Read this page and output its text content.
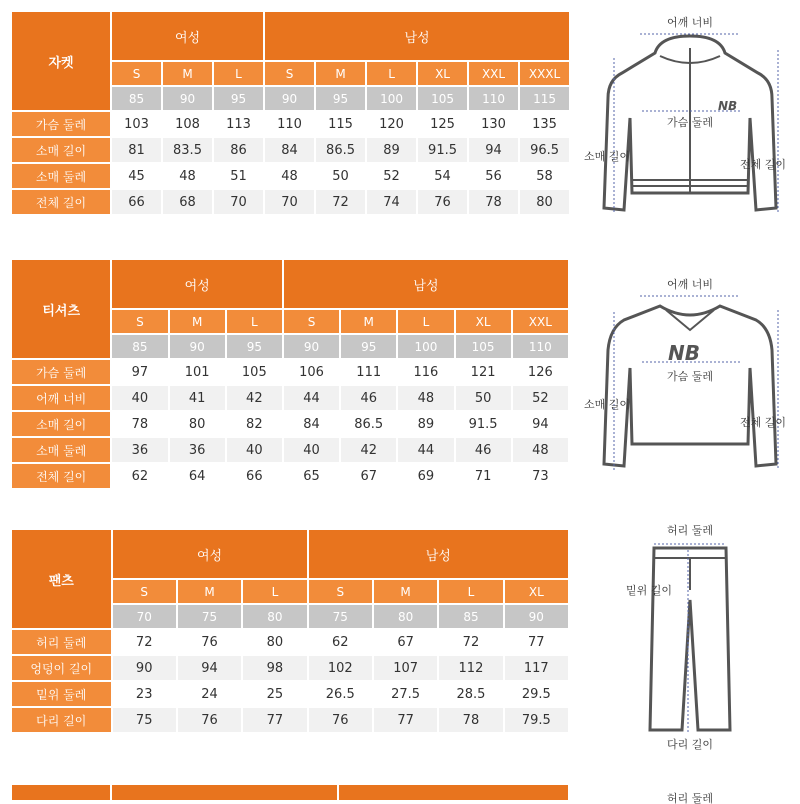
자켓	여성			남성					
	S	M	L	S	M	L	XL	XXL	XXXL
	85	90	95	90	95	100	105	110	115
가슴 둘레	103	108	113	110	115	120	125	130	135
소매 길이	81	83.5	86	84	86.5	89	91.5	94	96.5
소매 둘레	45	48	51	48	50	52	54	56	58
전체 길이	66	68	70	70	72	74	76	78	80
티셔츠	여성			남성				
	S	M	L	S	M	L	XL	XXL
	85	90	95	90	95	100	105	110
가슴 둘레	97	101	105	106	111	116	121	126
어깨 너비	40	41	42	44	46	48	50	52
소매 길이	78	80	82	84	86.5	89	91.5	94
소매 둘레	36	36	40	40	42	44	46	48
전체 길이	62	64	66	65	67	69	71	73
팬츠	여성			남성			
	S	M	L	S	M	L	XL
	70	75	80	75	80	85	90
허리 둘레	72	76	80	62	67	72	77
엉덩이 길이	90	94	98	102	107	112	117
밑위 둘레	23	24	25	26.5	27.5	28.5	29.5
다리 길이	75	76	77	76	77	78	79.5
어깨 너비
NB
가슴 둘레
소매 길이
전체 길이
어깨 너비
NB
가슴 둘레
소매 길이
전체 길이
허리 둘레
밑위 길이
다리 길이
허리 둘레
